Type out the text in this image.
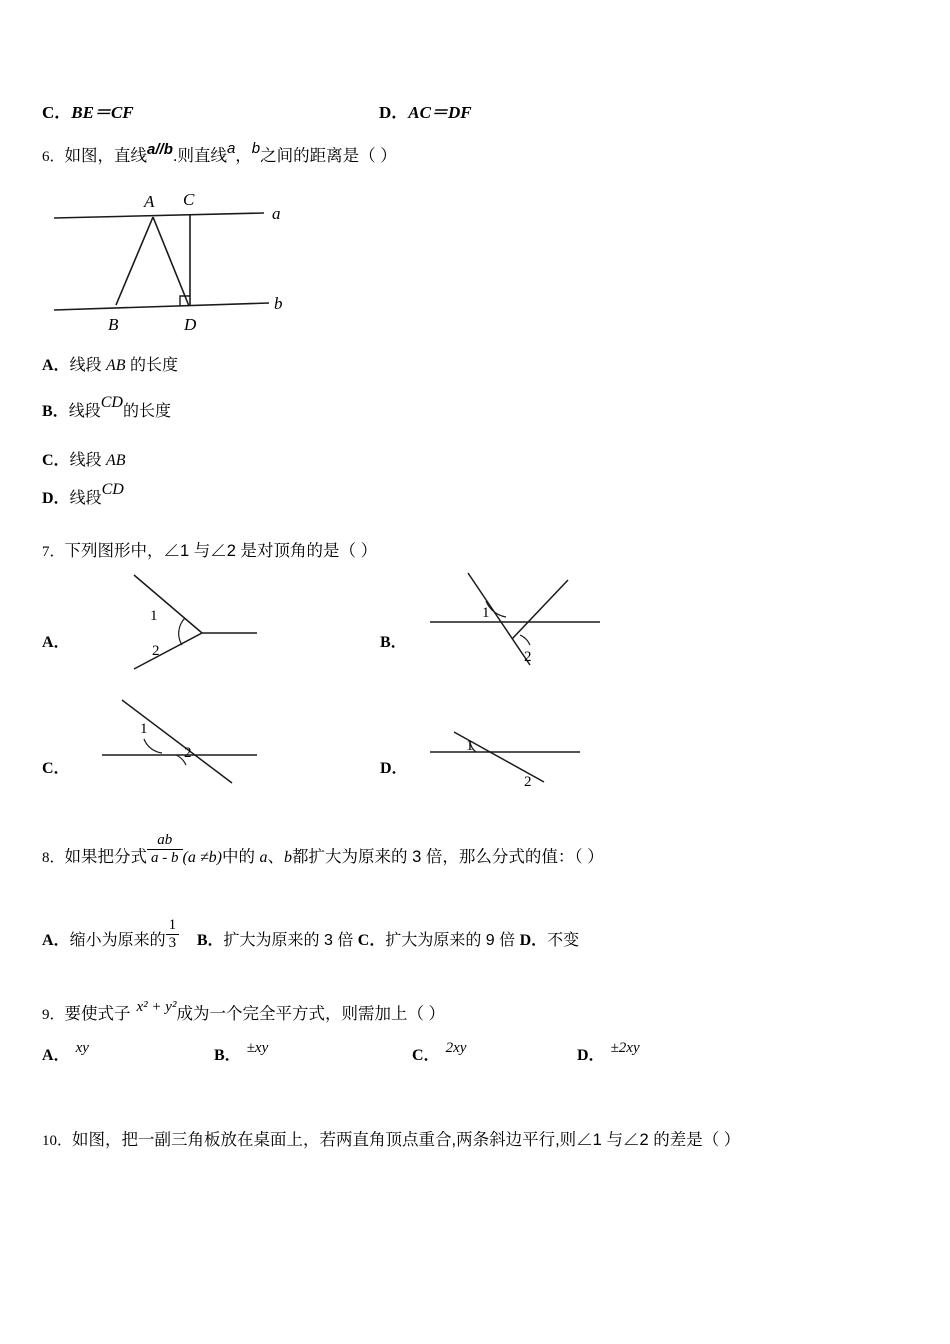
C．BE＝CF	D．AC＝DF
6．如图，直线a//b.则直线a，b之间的距离是（ ）
A C
a
B	D
b
A．线段 AB 的长度
B．线段CD的长度
C．线段 AB
D．线段CD
7．下列图形中，∠1 与∠2 是对顶角的是（ ）
A．
1
2	B．
1
2
C．
1
2
D．
1
2
8．如果把分式 $\frac{ab}{a - b} (a \ne b)$中的 a、b都扩大为原来的 3 倍，那么分式的值：（ ）
A．缩小为原来的 $\frac{1}{3}$ B．扩大为原来的 3 倍 C．扩大为原来的 9 倍 D．不变
9．要使式子 x² + y²成为一个完全平方式，则需加上（ ）
A． xy	B． ±xy	C． 2xy	D． ±2xy
10．如图，把一副三角板放在桌面上，若两直角顶点重合,两条斜边平行,则∠1 与∠2 的差是（ ）
